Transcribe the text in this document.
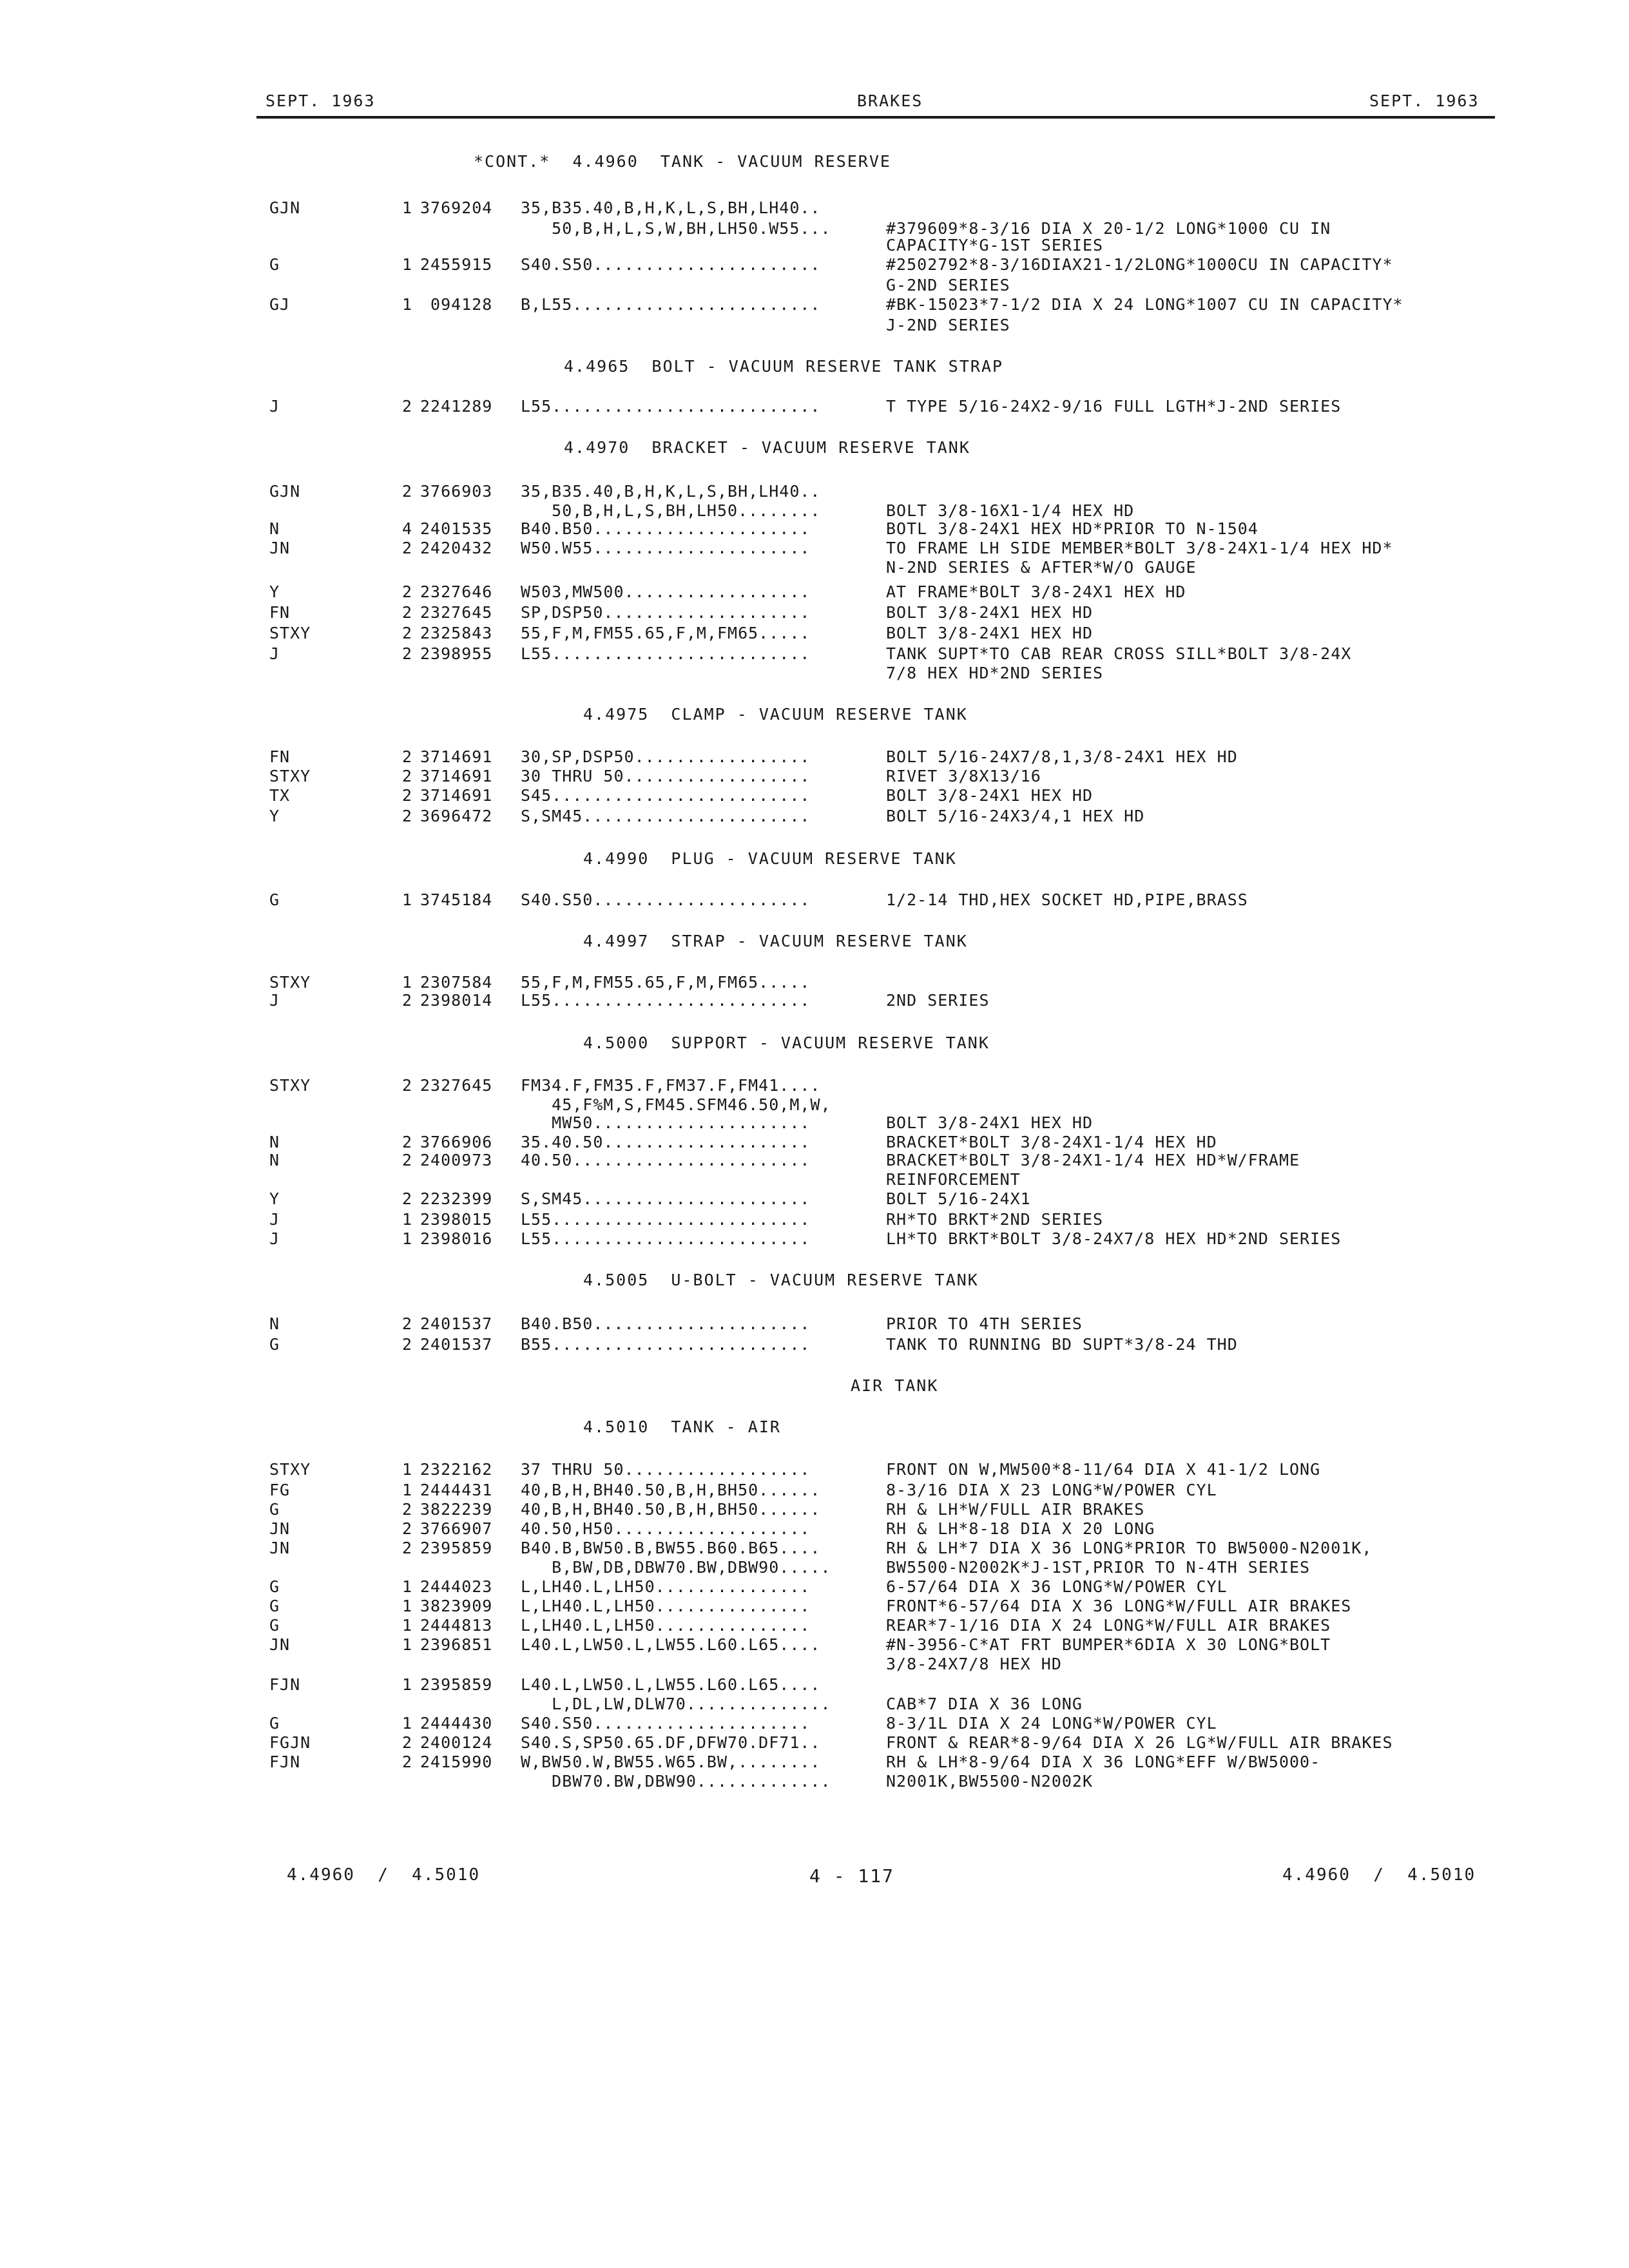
SEPT. 1963	BRAKES	SEPT. 1963
*CONT.*  4.4960  TANK - VACUUM RESERVE
GJN	1 3769204 35,B35.40,B,H,K,L,S,BH,LH40..
50,B,H,L,S,W,BH,LH50.W55...	#379609*8-3/16 DIA X 20-1/2 LONG*1000 CU IN
CAPACITY*G-1ST SERIES
G	1 2455915 S40.S50......................	#2502792*8-3/16DIAX21-1/2LONG*1000CU IN CAPACITY*
G-2ND SERIES
GJ	1 094128 B,L55........................	#BK-15023*7-1/2 DIA X 24 LONG*1007 CU IN CAPACITY*
J-2ND SERIES
4.4965  BOLT - VACUUM RESERVE TANK STRAP
J	2 2241289 L55..........................	T TYPE 5/16-24X2-9/16 FULL LGTH*J-2ND SERIES
4.4970  BRACKET - VACUUM RESERVE TANK
GJN	2 3766903 35,B35.40,B,H,K,L,S,BH,LH40..
50,B,H,L,S,BH,LH50........	BOLT 3/8-16X1-1/4 HEX HD
N	4 2401535 B40.B50.....................	BOTL 3/8-24X1 HEX HD*PRIOR TO N-1504
JN	2 2420432 W50.W55.....................	TO FRAME LH SIDE MEMBER*BOLT 3/8-24X1-1/4 HEX HD*
N-2ND SERIES & AFTER*W/O GAUGE
Y	2 2327646 W503,MW500..................	AT FRAME*BOLT 3/8-24X1 HEX HD
FN	2 2327645 SP,DSP50....................	BOLT 3/8-24X1 HEX HD
STXY	2 2325843 55,F,M,FM55.65,F,M,FM65.....	BOLT 3/8-24X1 HEX HD
J	2 2398955 L55.........................	TANK SUPT*TO CAB REAR CROSS SILL*BOLT 3/8-24X
7/8 HEX HD*2ND SERIES
4.4975  CLAMP - VACUUM RESERVE TANK
FN	2 3714691 30,SP,DSP50.................	BOLT 5/16-24X7/8,1,3/8-24X1 HEX HD
STXY	2 3714691 30 THRU 50..................	RIVET 3/8X13/16
TX	2 3714691 S45.........................	BOLT 3/8-24X1 HEX HD
Y	2 3696472 S,SM45......................	BOLT 5/16-24X3/4,1 HEX HD
4.4990  PLUG - VACUUM RESERVE TANK
G	1 3745184 S40.S50.....................	1/2-14 THD,HEX SOCKET HD,PIPE,BRASS
4.4997  STRAP - VACUUM RESERVE TANK
STXY	1 2307584 55,F,M,FM55.65,F,M,FM65.....
J	2 2398014 L55.........................	2ND SERIES
4.5000  SUPPORT - VACUUM RESERVE TANK
STXY	2 2327645 FM34.F,FM35.F,FM37.F,FM41....
45,F%M,S,FM45.SFM46.50,M,W,
MW50.....................	BOLT 3/8-24X1 HEX HD
N	2 3766906 35.40.50....................	BRACKET*BOLT 3/8-24X1-1/4 HEX HD
N	2 2400973 40.50.......................	BRACKET*BOLT 3/8-24X1-1/4 HEX HD*W/FRAME
REINFORCEMENT
Y	2 2232399 S,SM45......................	BOLT 5/16-24X1
J	1 2398015 L55.........................	RH*TO BRKT*2ND SERIES
J	1 2398016 L55.........................	LH*TO BRKT*BOLT 3/8-24X7/8 HEX HD*2ND SERIES
4.5005  U-BOLT - VACUUM RESERVE TANK
N	2 2401537 B40.B50.....................	PRIOR TO 4TH SERIES
G	2 2401537 B55.........................	TANK TO RUNNING BD SUPT*3/8-24 THD
AIR TANK
4.5010  TANK - AIR
STXY	1 2322162 37 THRU 50..................	FRONT ON W,MW500*8-11/64 DIA X 41-1/2 LONG
FG	1 2444431 40,B,H,BH40.50,B,H,BH50......	8-3/16 DIA X 23 LONG*W/POWER CYL
G	2 3822239 40,B,H,BH40.50,B,H,BH50......	RH & LH*W/FULL AIR BRAKES
JN	2 3766907 40.50,H50...................	RH & LH*8-18 DIA X 20 LONG
JN	2 2395859 B40.B,BW50.B,BW55.B60.B65....	RH & LH*7 DIA X 36 LONG*PRIOR TO BW5000-N2001K,
B,BW,DB,DBW70.BW,DBW90.....	BW5500-N2002K*J-1ST,PRIOR TO N-4TH SERIES
G	1 2444023 L,LH40.L,LH50...............	6-57/64 DIA X 36 LONG*W/POWER CYL
G	1 3823909 L,LH40.L,LH50...............	FRONT*6-57/64 DIA X 36 LONG*W/FULL AIR BRAKES
G	1 2444813 L,LH40.L,LH50...............	REAR*7-1/16 DIA X 24 LONG*W/FULL AIR BRAKES
JN	1 2396851 L40.L,LW50.L,LW55.L60.L65....	#N-3956-C*AT FRT BUMPER*6DIA X 30 LONG*BOLT
3/8-24X7/8 HEX HD
FJN	1 2395859 L40.L,LW50.L,LW55.L60.L65....
L,DL,LW,DLW70..............	CAB*7 DIA X 36 LONG
G	1 2444430 S40.S50.....................	8-3/1L DIA X 24 LONG*W/POWER CYL
FGJN	2 2400124 S40.S,SP50.65.DF,DFW70.DF71..	FRONT & REAR*8-9/64 DIA X 26 LG*W/FULL AIR BRAKES
FJN	2 2415990 W,BW50.W,BW55.W65.BW,........	RH & LH*8-9/64 DIA X 36 LONG*EFF W/BW5000-
DBW70.BW,DBW90.............	N2001K,BW5500-N2002K
4.4960  /  4.5010	4 - 117	4.4960  /  4.5010
